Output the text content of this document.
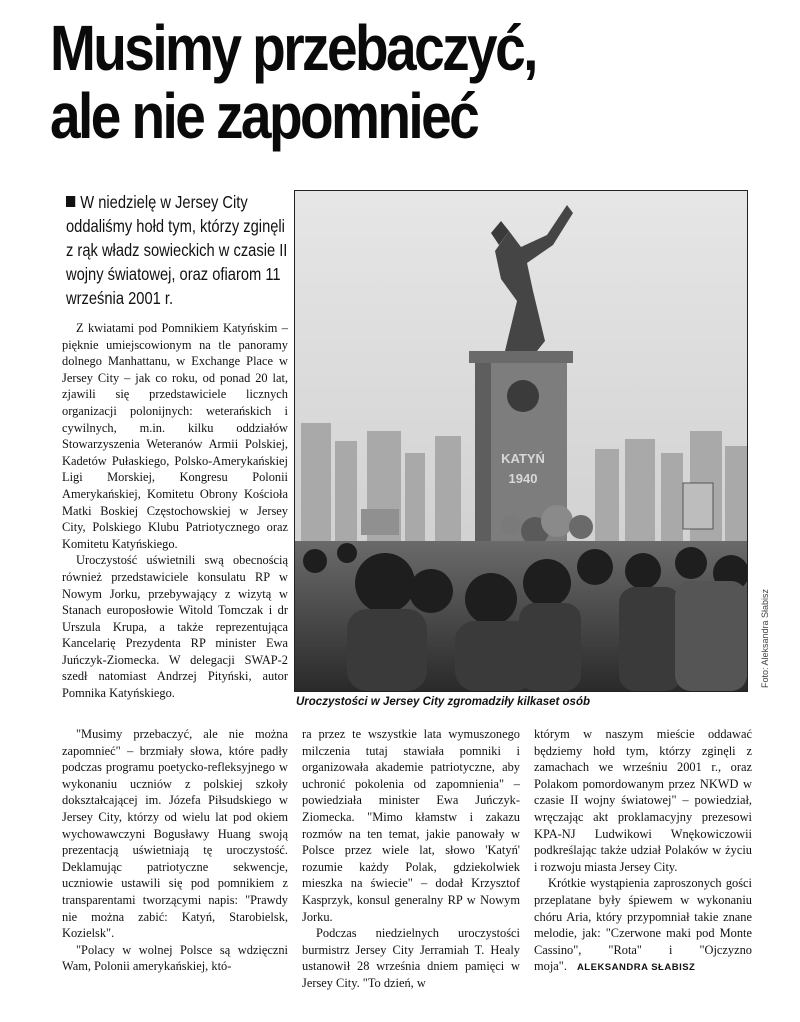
Musimy przebaczyć,
ale nie zapomnieć
W niedzielę w Jersey City oddaliśmy hołd tym, którzy zginęli z rąk władz sowieckich w czasie II wojny światowej, oraz ofiarom 11 września 2001 r.

Z kwiatami pod Pomnikiem Katyńskim – pięknie umiejscowionym na tle panoramy dolnego Manhattanu, w Exchange Place w Jersey City – jak co roku, od ponad 20 lat, zjawili się przedstawiciele licznych organizacji polonijnych: weterańskich i cywilnych, m.in. kilku oddziałów Stowarzyszenia Weteranów Armii Polskiej, Kadetów Pułaskiego, Polsko-Amerykańskiej Ligi Morskiej, Kongresu Polonii Amerykańskiej, Komitetu Obrony Kościoła Matki Boskiej Częstochowskiej w Jersey City, Polskiego Klubu Patriotycznego oraz Komitetu Katyńskiego.

Uroczystość uświetnili swą obecnością również przedstawiciele konsulatu RP w Nowym Jorku, przebywający z wizytą w Stanach europosłowie Witold Tomczak i dr Urszula Krupa, a także reprezentująca Kancelarię Prezydenta RP minister Ewa Juńczyk-Ziomecka. W delegacji SWAP-2 szedł natomiast Andrzej Pityński, autor Pomnika Katyńskiego.

KATYŃ
1940
Uroczystości w Jersey City zgromadziły kilkaset osób
Foto: Aleksandra Słabisz

"Musimy przebaczyć, ale nie można zapomnieć" – brzmiały słowa, które padły podczas programu poetycko-refleksyjnego w wykonaniu uczniów z polskiej szkoły dokształcającej im. Józefa Piłsudskiego w Jersey City, którzy od wielu lat pod okiem wychowawczyni Bogusławy Huang swoją prezentacją uświetniają tę uroczystość. Deklamując patriotyczne sekwencje, uczniowie ustawili się pod pomnikiem z transparentami tworzącymi napis: "Prawdy nie można zabić: Katyń, Starobielsk, Kozielsk".

"Polacy w wolnej Polsce są wdzięczni Wam, Polonii amerykańskiej, któ-

ra przez te wszystkie lata wymuszonego milczenia tutaj stawiała pomniki i organizowała akademie patriotyczne, aby uchronić pokolenia od zapomnienia" – powiedziała minister Ewa Juńczyk-Ziomecka. "Mimo kłamstw i zakazu rozmów na ten temat, jakie panowały w Polsce przez wiele lat, słowo 'Katyń' rozumie każdy Polak, gdziekolwiek mieszka na świecie" – dodał Krzysztof Kasprzyk, konsul generalny RP w Nowym Jorku.

Podczas niedzielnych uroczystości burmistrz Jersey City Jerramiah T. Healy ustanowił 28 września dniem pamięci w Jersey City. "To dzień, w

którym w naszym mieście oddawać będziemy hołd tym, którzy zginęli z zamachach we wrześniu 2001 r., oraz Polakom pomordowanym przez NKWD w czasie II wojny światowej" – powiedział, wręczając akt proklamacyjny prezesowi KPA-NJ Ludwikowi Wnękowiczowii podkreślając także udział Polaków w życiu i rozwoju miasta Jersey City.

Krótkie wystąpienia zaproszonych gości przeplatane były śpiewem w wykonaniu chóru Aria, który przypomniał takie znane melodie, jak: "Czerwone maki pod Monte Cassino", "Rota" i "Ojczyzno moja". ALEKSANDRA SŁABISZ
